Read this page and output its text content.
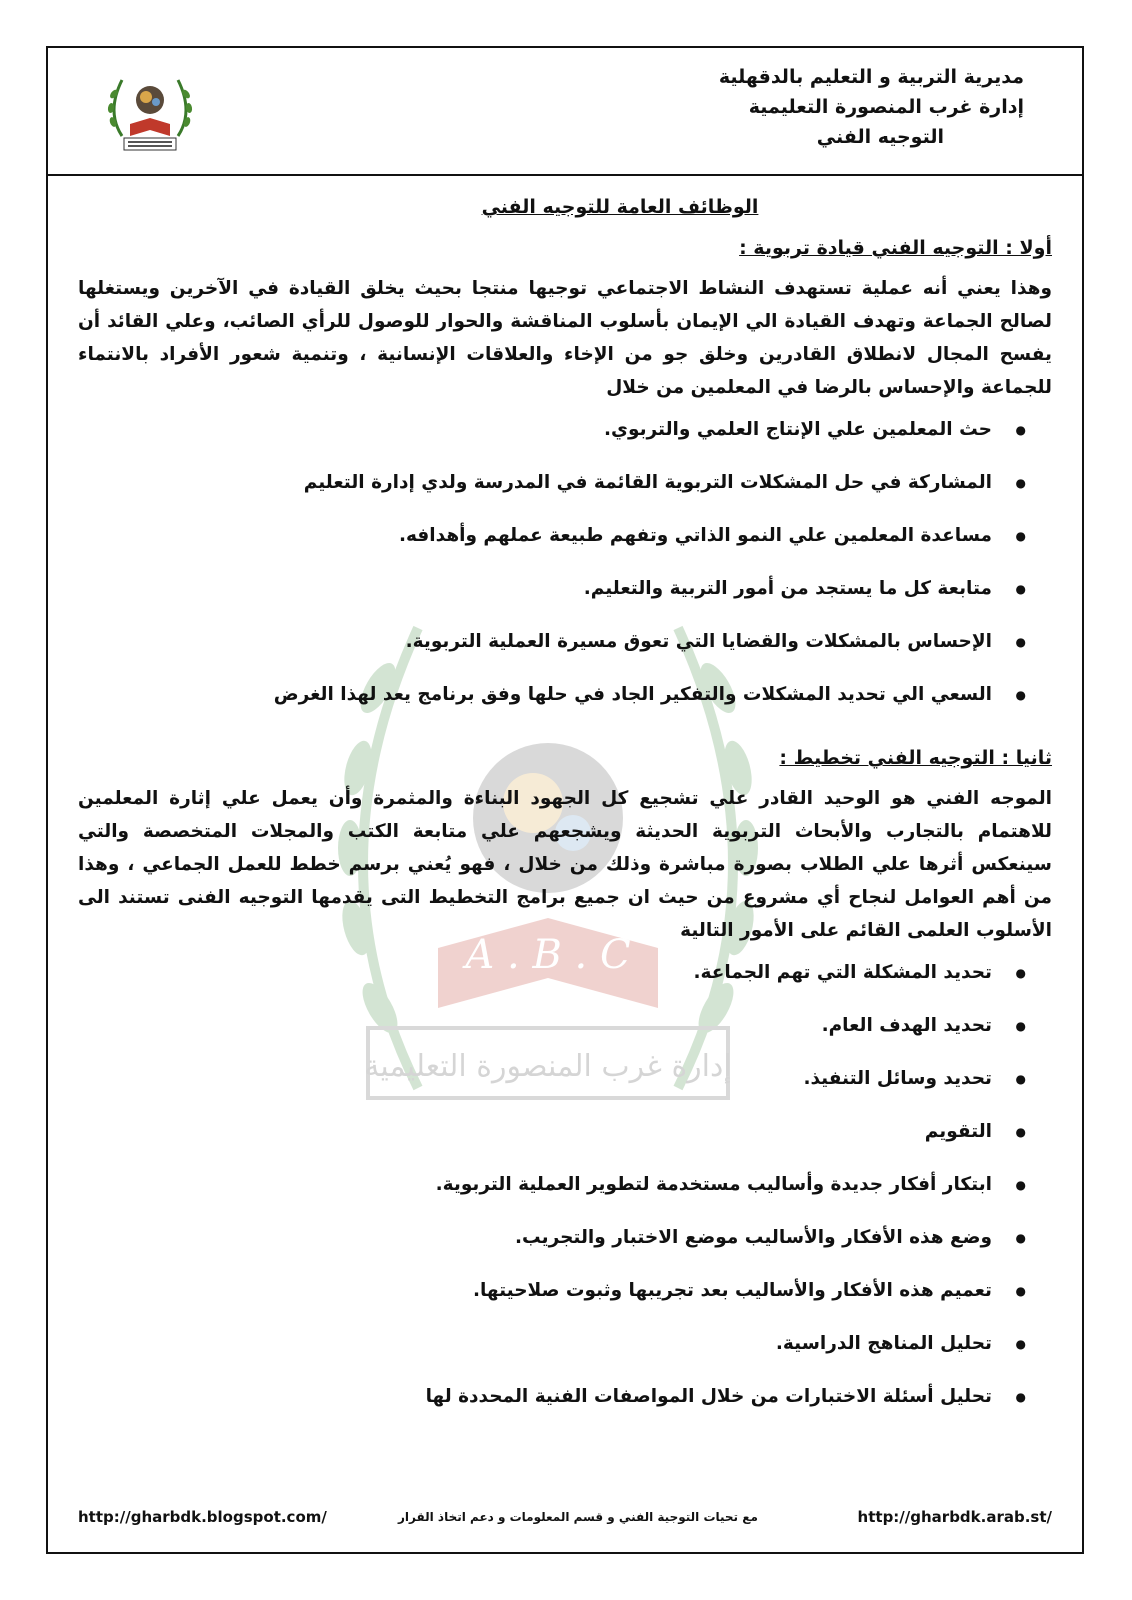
مديرية التربية و التعليم بالدقهلية
إدارة غرب المنصورة التعليمية
التوجيه الفني
A . B . C
إدارة غرب المنصورة التعليمية
الوظائف العامة للتوجيه الفني
أولا : التوجيه الفني قيادة تربوية :

وهذا يعني أنه عملية تستهدف النشاط الاجتماعي توجيها منتجا بحيث يخلق القيادة في الآخرين ويستغلها لصالح الجماعة وتهدف القيادة الي الإيمان بأسلوب المناقشة والحوار للوصول للرأي الصائب، وعلي القائد أن يفسح المجال لانطلاق القادرين وخلق جو من الإخاء والعلاقات الإنسانية ، وتنمية شعور الأفراد بالانتماء للجماعة والإحساس بالرضا في المعلمين من خلال

● حث المعلمين علي الإنتاج العلمي والتربوي.
● المشاركة في حل المشكلات التربوية القائمة في المدرسة ولدي إدارة التعليم
● مساعدة المعلمين علي النمو الذاتي وتفهم طبيعة عملهم وأهدافه.
● متابعة كل ما يستجد من أمور التربية والتعليم.
● الإحساس بالمشكلات والقضايا التي تعوق مسيرة العملية التربوية.
● السعي الي تحديد المشكلات والتفكير الجاد في حلها وفق برنامج يعد لهذا الغرض
ثانيا : التوجيه الفني تخطيط :

الموجه الفني هو الوحيد القادر علي تشجيع كل الجهود البناءة والمثمرة وأن يعمل علي إثارة المعلمين للاهتمام بالتجارب والأبحاث التربوية الحديثة ويشجعهم علي متابعة الكتب والمجلات المتخصصة والتي سينعكس أثرها علي الطلاب بصورة مباشرة وذلك من خلال ، فهو يُعني برسم خطط للعمل الجماعي ، وهذا من أهم العوامل لنجاح أي مشروع من حيث ان جميع برامج التخطيط التى يقدمها التوجيه الفنى تستند الى الأسلوب العلمى القائم على الأمور التالية

● تحديد المشكلة التي تهم الجماعة.
● تحديد الهدف العام.
● تحديد وسائل التنفيذ.
● التقويم
● ابتكار أفكار جديدة وأساليب مستخدمة لتطوير العملية التربوية.
● وضع هذه الأفكار والأساليب موضع الاختبار والتجريب.
● تعميم هذه الأفكار والأساليب بعد تجريبها وثبوت صلاحيتها.
● تحليل المناهج الدراسية.
● تحليل أسئلة الاختبارات من خلال المواصفات الفنية المحددة لها
http://gharbdk.blogspot.com/	مع تحيات التوجية الفني و قسم المعلومات و دعم اتخاذ القرار	http://gharbdk.arab.st/
